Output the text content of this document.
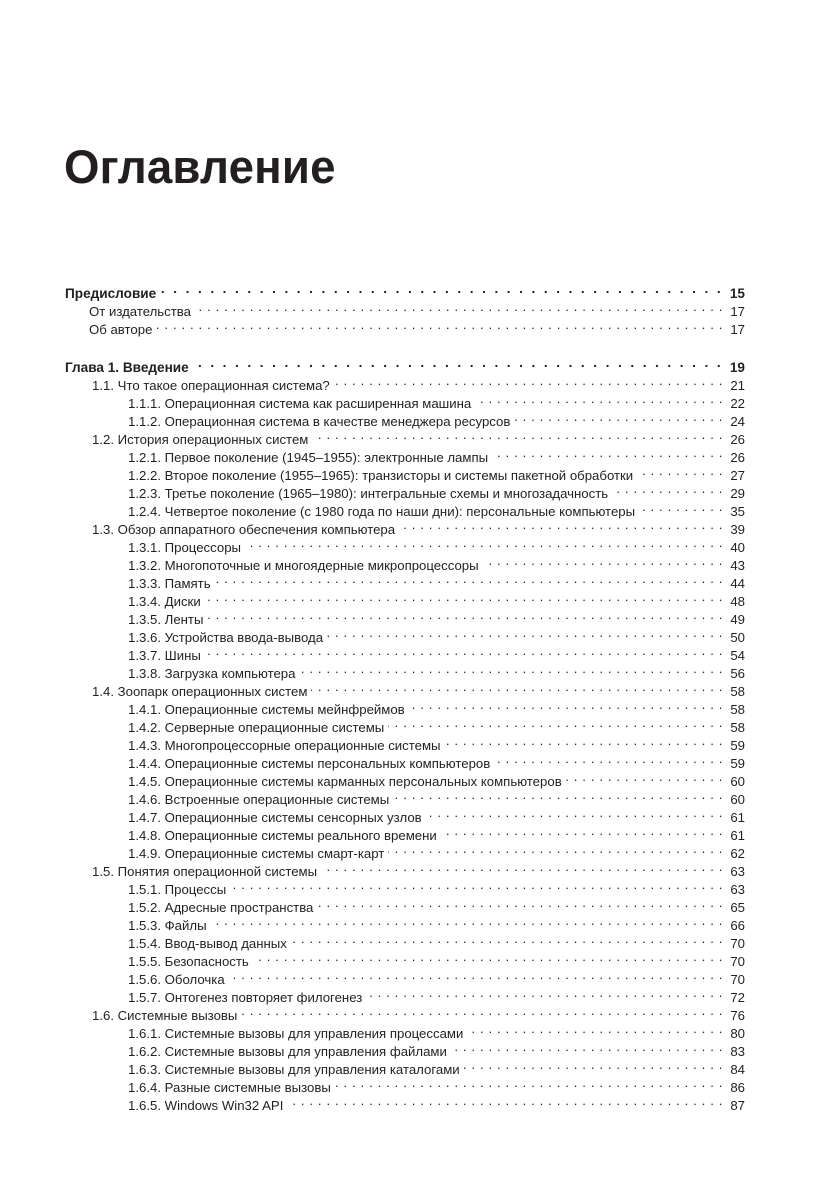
Оглавление
Предисловие . . .	15
От издательства . . .	17
Об авторе . . .	17
Глава 1. Введение . . .	19
1.1. Что такое операционная система? . . .	21
1.1.1. Операционная система как расширенная машина . . .	22
1.1.2. Операционная система в качестве менеджера ресурсов . . .	24
1.2. История операционных систем . . .	26
1.2.1. Первое поколение (1945–1955): электронные лампы . . .	26
1.2.2. Второе поколение (1955–1965): транзисторы и системы пакетной обработки . . .	27
1.2.3. Третье поколение (1965–1980): интегральные схемы и многозадачность . . .	29
1.2.4. Четвертое поколение (с 1980 года по наши дни): персональные компьютеры . . .	35
1.3. Обзор аппаратного обеспечения компьютера . . .	39
1.3.1. Процессоры . . .	40
1.3.2. Многопоточные и многоядерные микропроцессоры . . .	43
1.3.3. Память . . .	44
1.3.4. Диски . . .	48
1.3.5. Ленты . . .	49
1.3.6. Устройства ввода-вывода . . .	50
1.3.7. Шины . . .	54
1.3.8. Загрузка компьютера . . .	56
1.4. Зоопарк операционных систем . . .	58
1.4.1. Операционные системы мейнфреймов . . .	58
1.4.2. Серверные операционные системы . . .	58
1.4.3. Многопроцессорные операционные системы . . .	59
1.4.4. Операционные системы персональных компьютеров . . .	59
1.4.5. Операционные системы карманных персональных компьютеров . . .	60
1.4.6. Встроенные операционные системы . . .	60
1.4.7. Операционные системы сенсорных узлов . . .	61
1.4.8. Операционные системы реального времени . . .	61
1.4.9. Операционные системы смарт-карт . . .	62
1.5. Понятия операционной системы . . .	63
1.5.1. Процессы . . .	63
1.5.2. Адресные пространства . . .	65
1.5.3. Файлы . . .	66
1.5.4. Ввод-вывод данных . . .	70
1.5.5. Безопасность . . .	70
1.5.6. Оболочка . . .	70
1.5.7. Онтогенез повторяет филогенез . . .	72
1.6. Системные вызовы . . .	76
1.6.1. Системные вызовы для управления процессами . . .	80
1.6.2. Системные вызовы для управления файлами . . .	83
1.6.3. Системные вызовы для управления каталогами . . .	84
1.6.4. Разные системные вызовы . . .	86
1.6.5. Windows Win32 API . . .	87
